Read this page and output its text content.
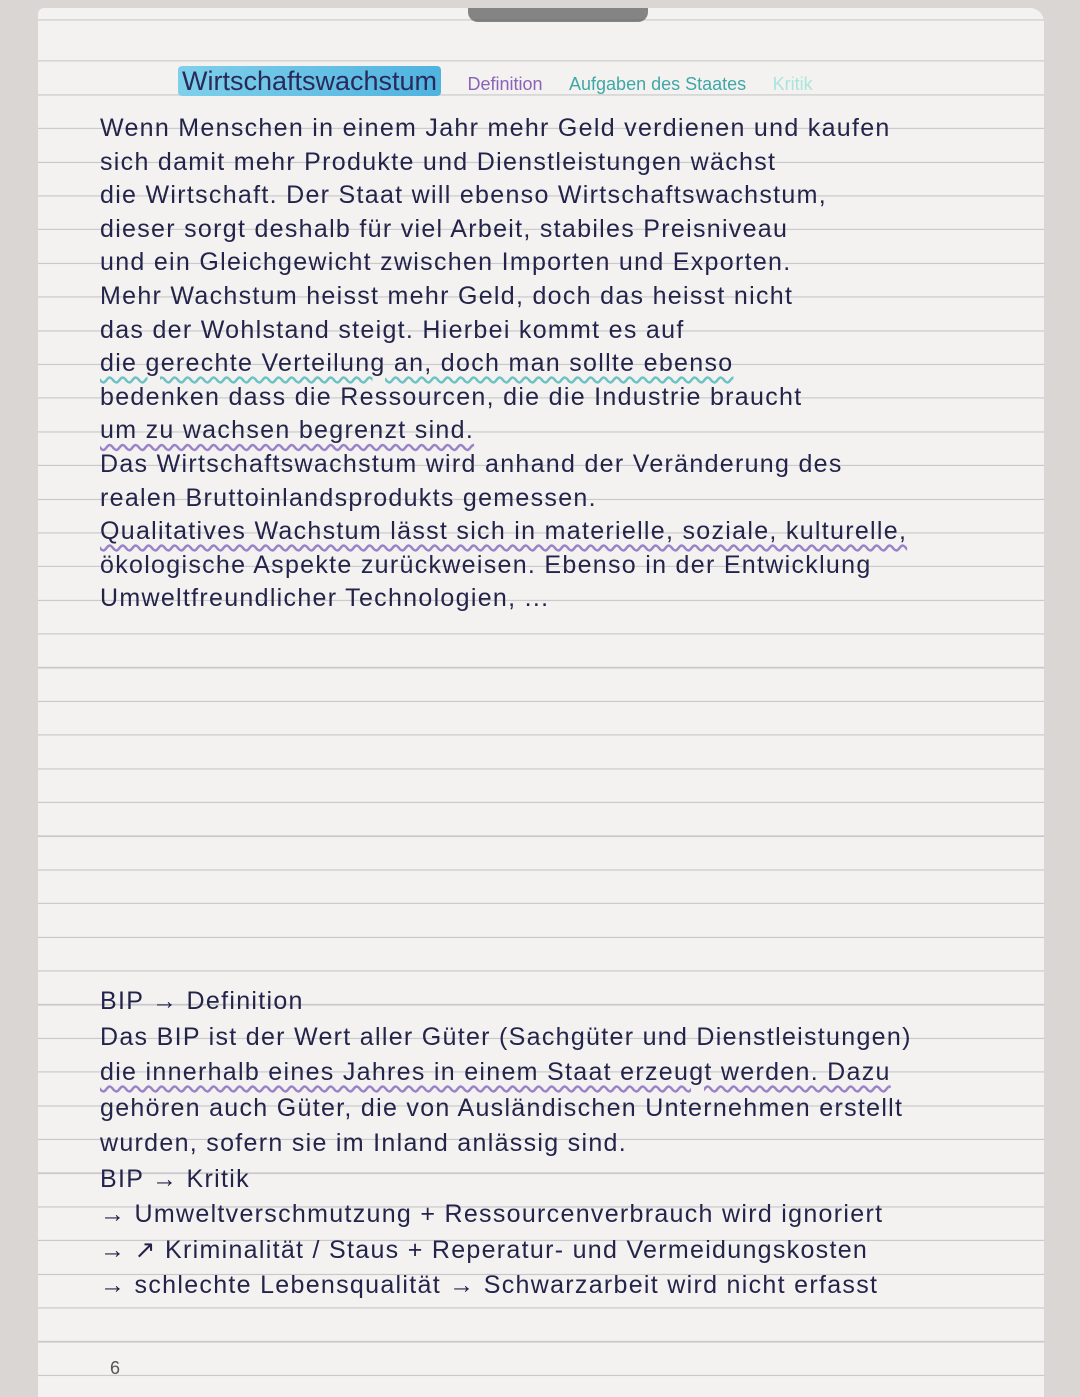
Wirtschaftswachstum Definition Aufgaben des Staates Kritik
Wenn Menschen in einem Jahr mehr Geld verdienen und kaufen
sich damit mehr Produkte und Dienstleistungen wächst
die Wirtschaft. Der Staat will ebenso Wirtschaftswachstum,
dieser sorgt deshalb für viel Arbeit, stabiles Preisniveau
und ein Gleichgewicht zwischen Importen und Exporten.
Mehr Wachstum heisst mehr Geld, doch das heisst nicht
das der Wohlstand steigt. Hierbei kommt es auf
die gerechte Verteilung an, doch man sollte ebenso
bedenken dass die Ressourcen, die die Industrie braucht
um zu wachsen begrenzt sind.
Das Wirtschaftswachstum wird anhand der Veränderung des
realen Bruttoinlandsprodukts gemessen.
Qualitatives Wachstum lässt sich in materielle, soziale, kulturelle,
ökologische Aspekte zurückweisen. Ebenso in der Entwicklung
Umweltfreundlicher Technologien, ...
BIP → Definition
Das BIP ist der Wert aller Güter (Sachgüter und Dienstleistungen)
die innerhalb eines Jahres in einem Staat erzeugt werden. Dazu
gehören auch Güter, die von Ausländischen Unternehmen erstellt
wurden, sofern sie im Inland anlässig sind.
BIP → Kritik
→ Umweltverschmutzung + Ressourcenverbrauch wird ignoriert
→ ↗ Kriminalität / Staus + Reperatur- und Vermeidungskosten
→ schlechte Lebensqualität → Schwarzarbeit wird nicht erfasst
6
